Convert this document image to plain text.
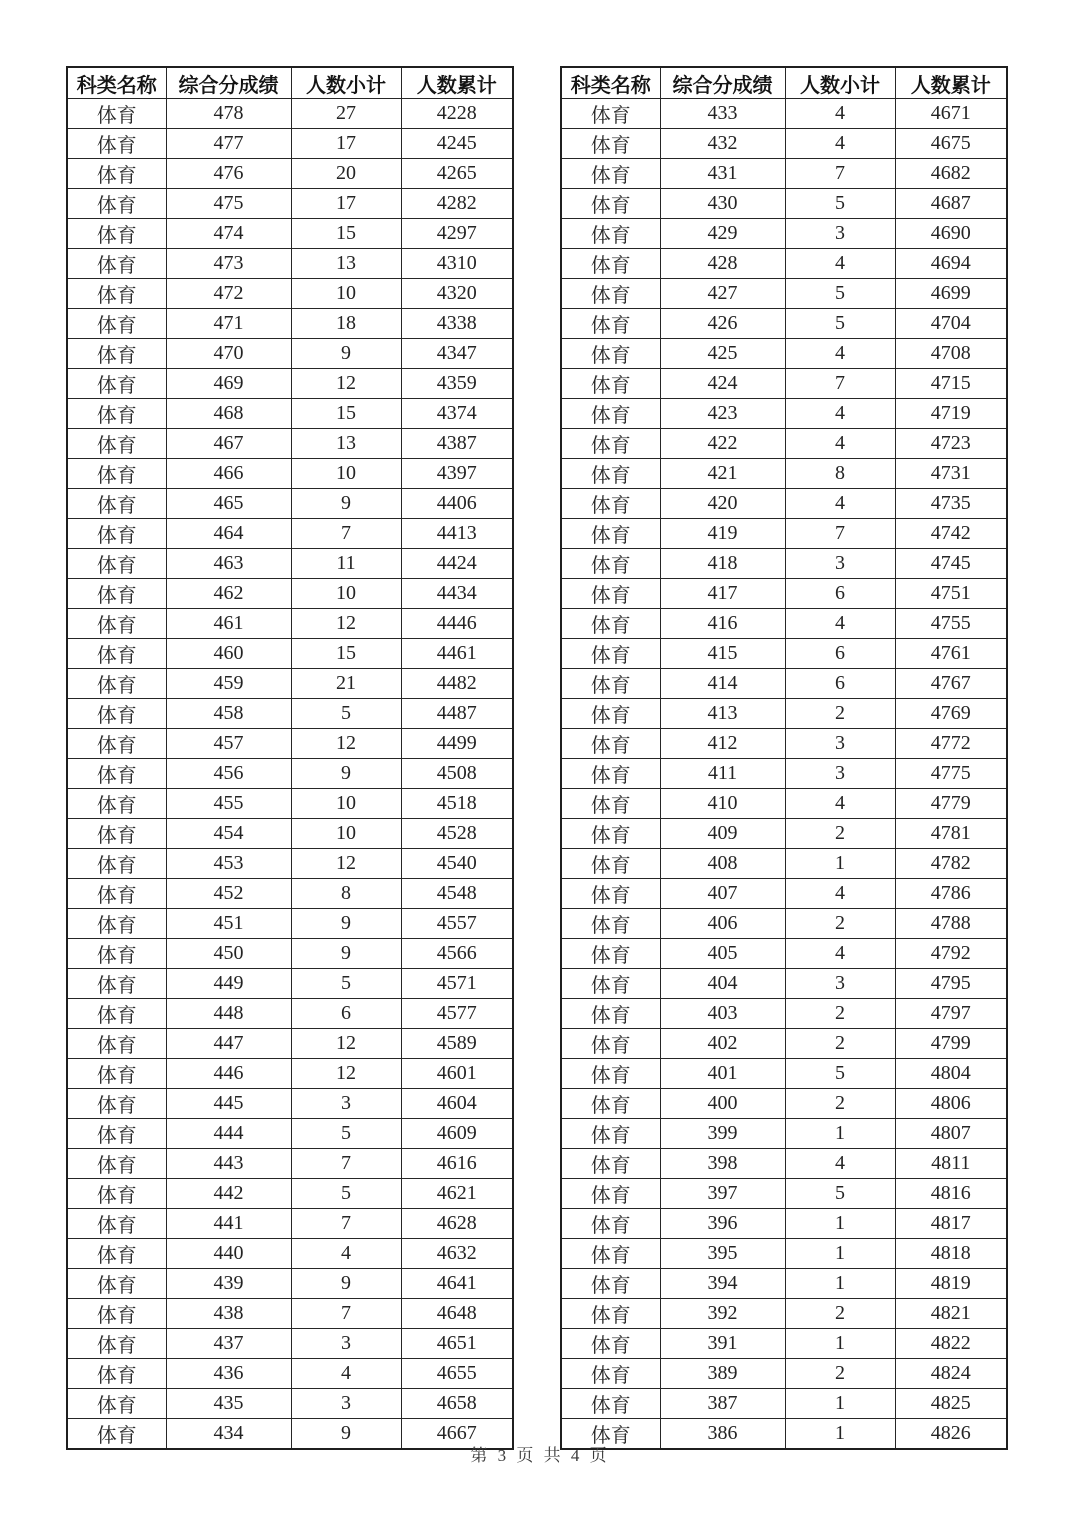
科类名称	综合分成绩	人数小计	人数累计
体育	478	27	4228
体育	477	17	4245
体育	476	20	4265
体育	475	17	4282
体育	474	15	4297
体育	473	13	4310
体育	472	10	4320
体育	471	18	4338
体育	470	9	4347
体育	469	12	4359
体育	468	15	4374
体育	467	13	4387
体育	466	10	4397
体育	465	9	4406
体育	464	7	4413
体育	463	11	4424
体育	462	10	4434
体育	461	12	4446
体育	460	15	4461
体育	459	21	4482
体育	458	5	4487
体育	457	12	4499
体育	456	9	4508
体育	455	10	4518
体育	454	10	4528
体育	453	12	4540
体育	452	8	4548
体育	451	9	4557
体育	450	9	4566
体育	449	5	4571
体育	448	6	4577
体育	447	12	4589
体育	446	12	4601
体育	445	3	4604
体育	444	5	4609
体育	443	7	4616
体育	442	5	4621
体育	441	7	4628
体育	440	4	4632
体育	439	9	4641
体育	438	7	4648
体育	437	3	4651
体育	436	4	4655
体育	435	3	4658
体育	434	9	4667
科类名称	综合分成绩	人数小计	人数累计
体育	433	4	4671
体育	432	4	4675
体育	431	7	4682
体育	430	5	4687
体育	429	3	4690
体育	428	4	4694
体育	427	5	4699
体育	426	5	4704
体育	425	4	4708
体育	424	7	4715
体育	423	4	4719
体育	422	4	4723
体育	421	8	4731
体育	420	4	4735
体育	419	7	4742
体育	418	3	4745
体育	417	6	4751
体育	416	4	4755
体育	415	6	4761
体育	414	6	4767
体育	413	2	4769
体育	412	3	4772
体育	411	3	4775
体育	410	4	4779
体育	409	2	4781
体育	408	1	4782
体育	407	4	4786
体育	406	2	4788
体育	405	4	4792
体育	404	3	4795
体育	403	2	4797
体育	402	2	4799
体育	401	5	4804
体育	400	2	4806
体育	399	1	4807
体育	398	4	4811
体育	397	5	4816
体育	396	1	4817
体育	395	1	4818
体育	394	1	4819
体育	392	2	4821
体育	391	1	4822
体育	389	2	4824
体育	387	1	4825
体育	386	1	4826
第 3 页 共 4 页
